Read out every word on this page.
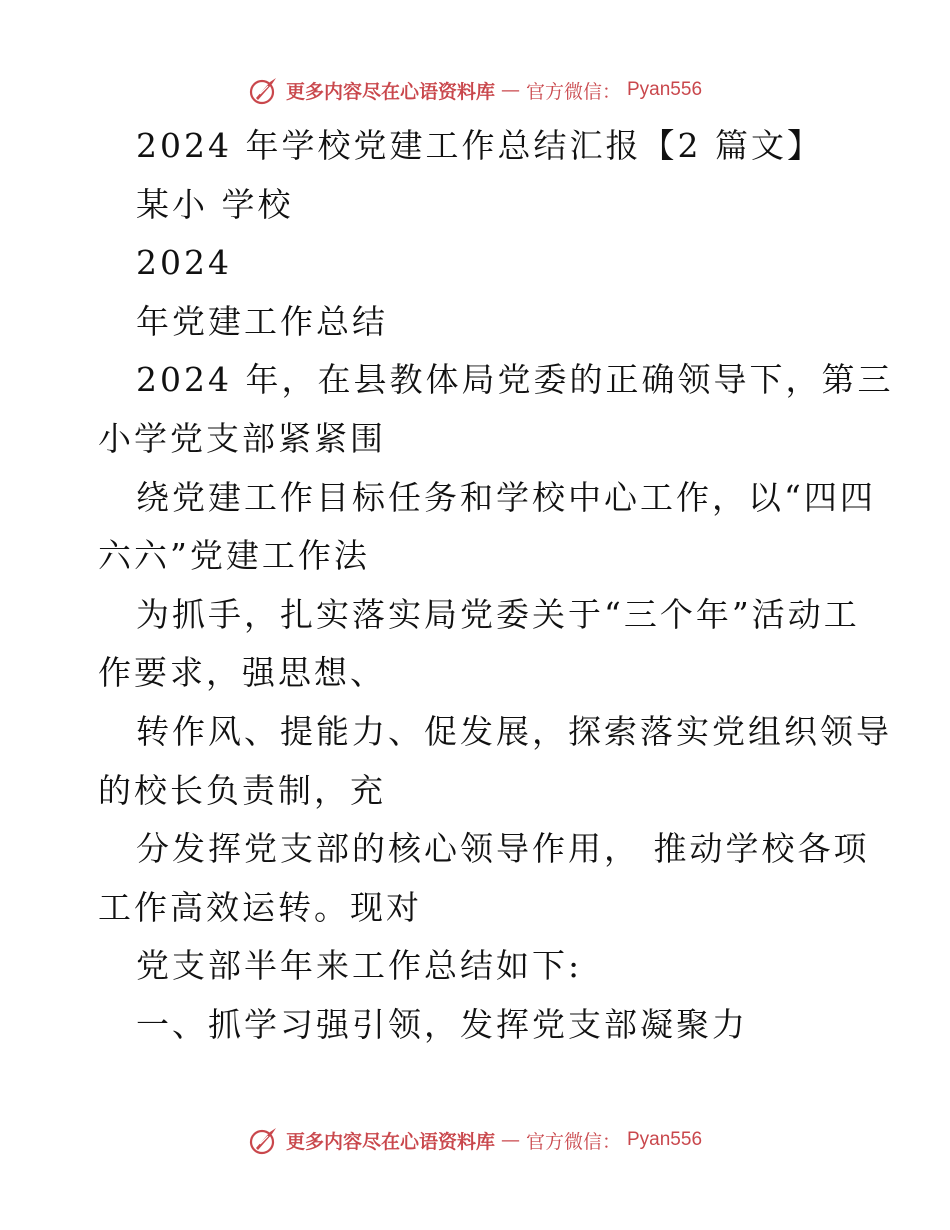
更多内容尽在心语资料库 — 官方微信： Pyan556
2024 年学校党建工作总结汇报【2 篇文】
某小 学校
2024
年党建工作总结
2024 年，在县教体局党委的正确领导下，第三
小学党支部紧紧围
绕党建工作目标任务和学校中心工作，以“四四
六六”党建工作法
为抓手，扎实落实局党委关于“三个年”活动工
作要求，强思想、
转作风、提能力、促发展，探索落实党组织领导
的校长负责制，充
分发挥党支部的核心领导作用， 推动学校各项
工作高效运转。现对
党支部半年来工作总结如下:
一、抓学习强引领，发挥党支部凝聚力
更多内容尽在心语资料库 — 官方微信： Pyan556
